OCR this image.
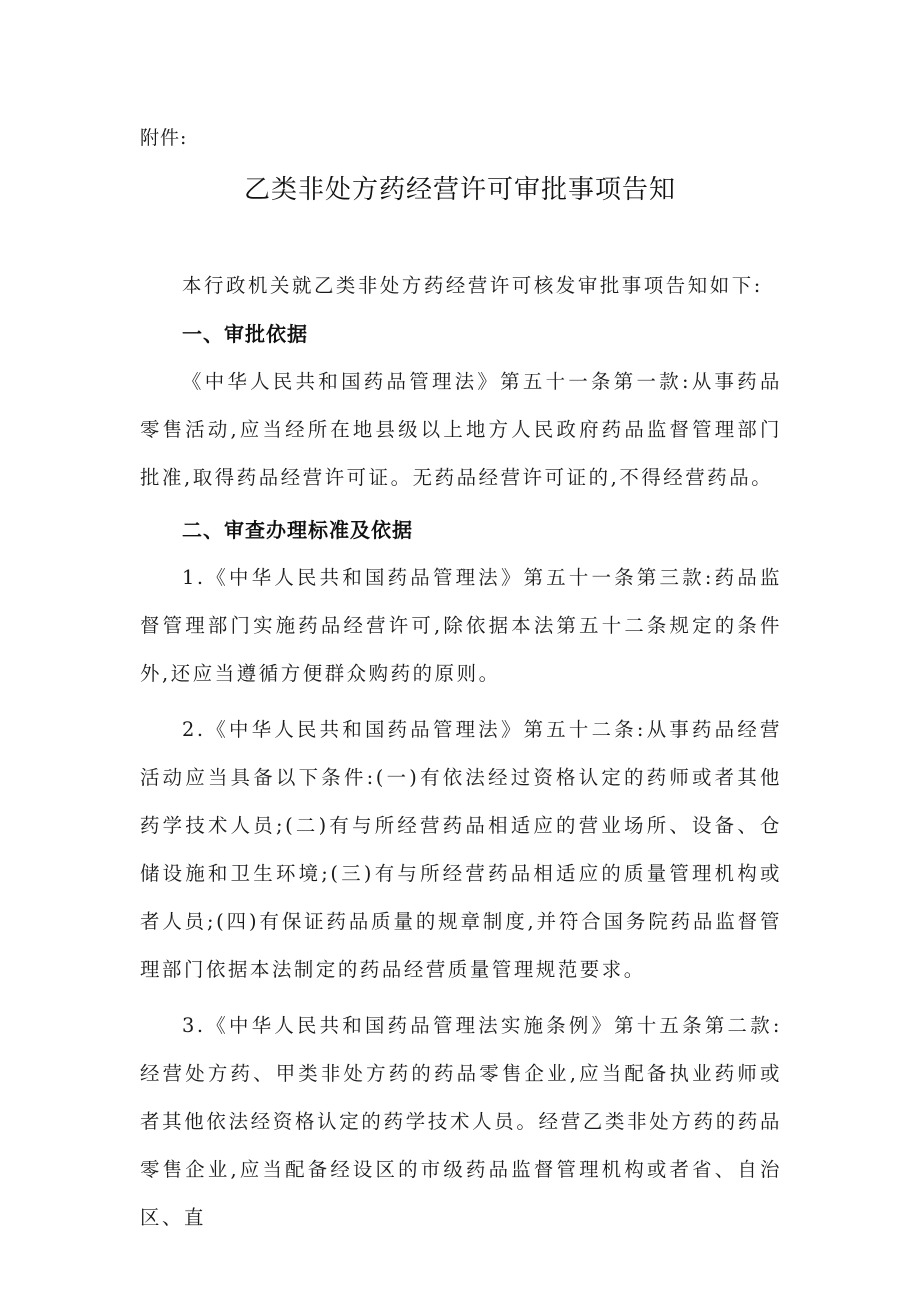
附件:
乙类非处方药经营许可审批事项告知

本行政机关就乙类非处方药经营许可核发审批事项告知如下:

一、审批依据

《中华人民共和国药品管理法》第五十一条第一款:从事药品零售活动,应当经所在地县级以上地方人民政府药品监督管理部门批准,取得药品经营许可证。无药品经营许可证的,不得经营药品。

二、审查办理标准及依据

1.《中华人民共和国药品管理法》第五十一条第三款:药品监督管理部门实施药品经营许可,除依据本法第五十二条规定的条件外,还应当遵循方便群众购药的原则。

2.《中华人民共和国药品管理法》第五十二条:从事药品经营活动应当具备以下条件:(一)有依法经过资格认定的药师或者其他药学技术人员;(二)有与所经营药品相适应的营业场所、设备、仓储设施和卫生环境;(三)有与所经营药品相适应的质量管理机构或者人员;(四)有保证药品质量的规章制度,并符合国务院药品监督管理部门依据本法制定的药品经营质量管理规范要求。

3.《中华人民共和国药品管理法实施条例》第十五条第二款:经营处方药、甲类非处方药的药品零售企业,应当配备执业药师或者其他依法经资格认定的药学技术人员。经营乙类非处方药的药品零售企业,应当配备经设区的市级药品监督管理机构或者省、自治区、直
